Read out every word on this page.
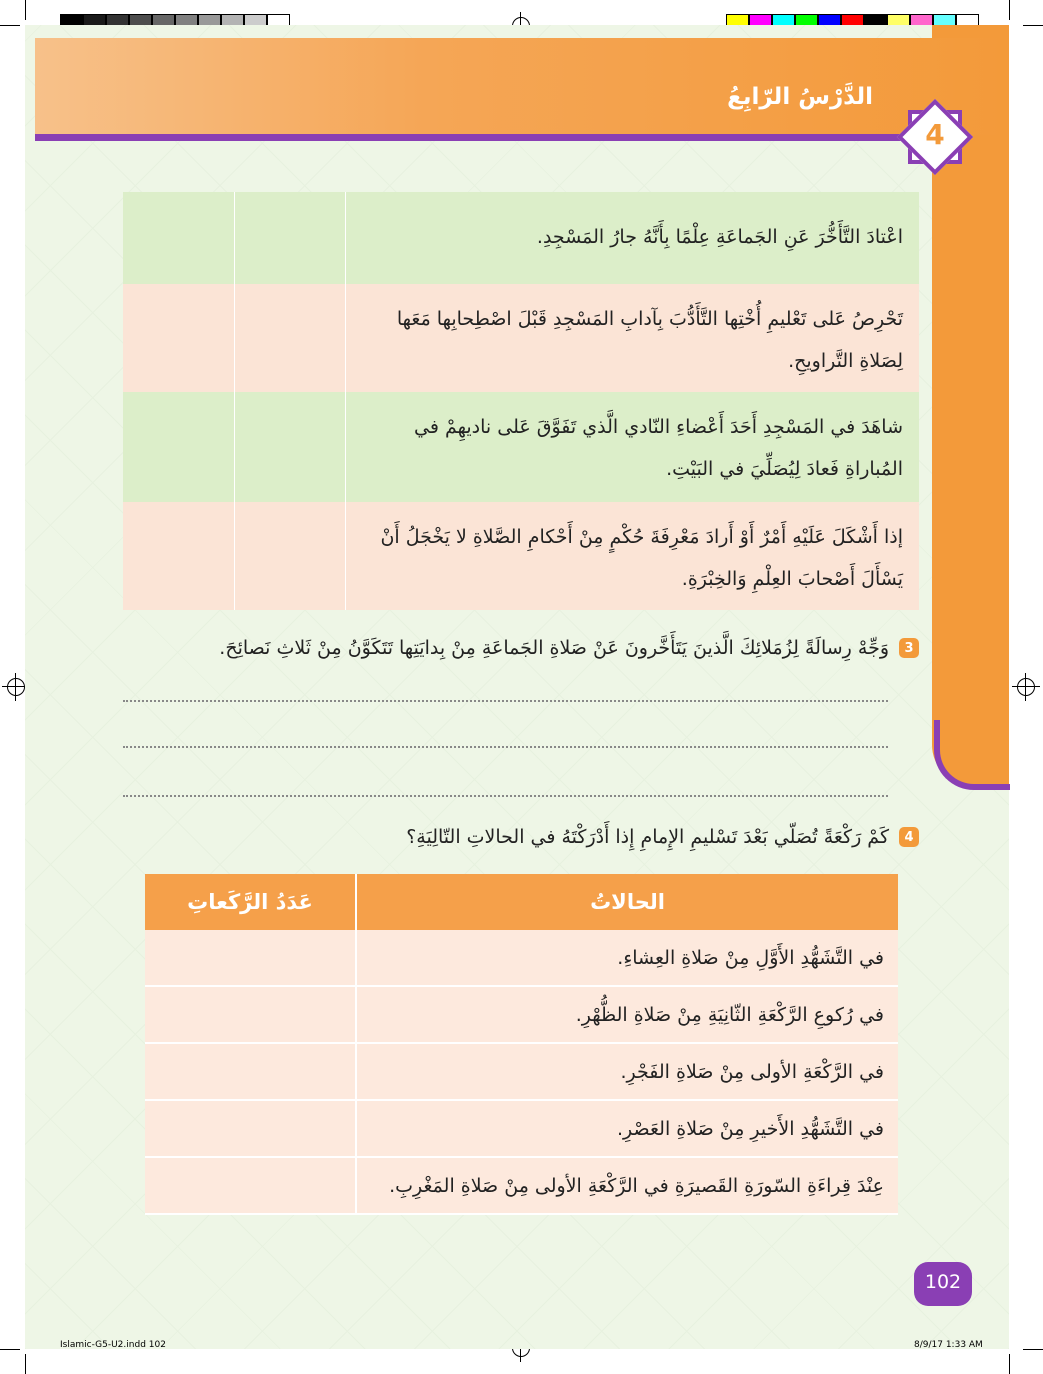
الدَّرْسُ الرّابِعُ
4
اعْتادَ التَّأَخُّرَ عَنِ الجَماعَةِ عِلْمًا بِأَنَّهُ جارُ المَسْجِدِ.
تَحْرِصُ عَلى تَعْليمِ أُخْتِها التَّأَدُّبَ بِآدابِ المَسْجِدِ قَبْلَ اصْطِحابِها مَعَها لِصَلاةِ التَّراويحِ.
شاهَدَ في المَسْجِدِ أَحَدَ أَعْضاءِ النّادي الَّذي تَفَوَّقَ عَلى ناديهِمْ في المُباراةِ فَعادَ لِيُصَلِّيَ في البَيْتِ.
إذا أَشْكَلَ عَلَيْهِ أَمْرٌ أَوْ أَرادَ مَعْرِفَةَ حُكْمٍ مِنْ أَحْكامِ الصَّلاةِ لا يَخْجَلُ أَنْ يَسْأَلَ أَصْحابَ العِلْمِ وَالخِبْرَةِ.
3
وَجِّهْ رِسالَةً لِزُمَلائِكَ الَّذينَ يَتَأَخَّرونَ عَنْ صَلاةِ الجَماعَةِ مِنْ بِدايَتِها تَتَكَوَّنُ مِنْ ثَلاثِ نَصائِحَ.
4
كَمْ رَكْعَةً تُصَلّي بَعْدَ تَسْليمِ الإِمامِ إِذا أَدْرَكْتَهُ في الحالاتِ التّالِيَةِ؟
الحالاتُ
عَدَدُ الرَّكَعاتِ
في التَّشَهُّدِ الأَوَّلِ مِنْ صَلاةِ العِشاءِ.
في رُكوعِ الرَّكْعَةِ الثّانِيَةِ مِنْ صَلاةِ الظُّهْرِ.
في الرَّكْعَةِ الأولى مِنْ صَلاةِ الفَجْرِ.
في التَّشَهُّدِ الأَخيرِ مِنْ صَلاةِ العَصْرِ.
عِنْدَ قِراءَةِ السّورَةِ القَصيرَةِ في الرَّكْعَةِ الأولى مِنْ صَلاةِ المَغْرِبِ.
102
Islamic-G5-U2.indd 102	8/9/17 1:33 AM
